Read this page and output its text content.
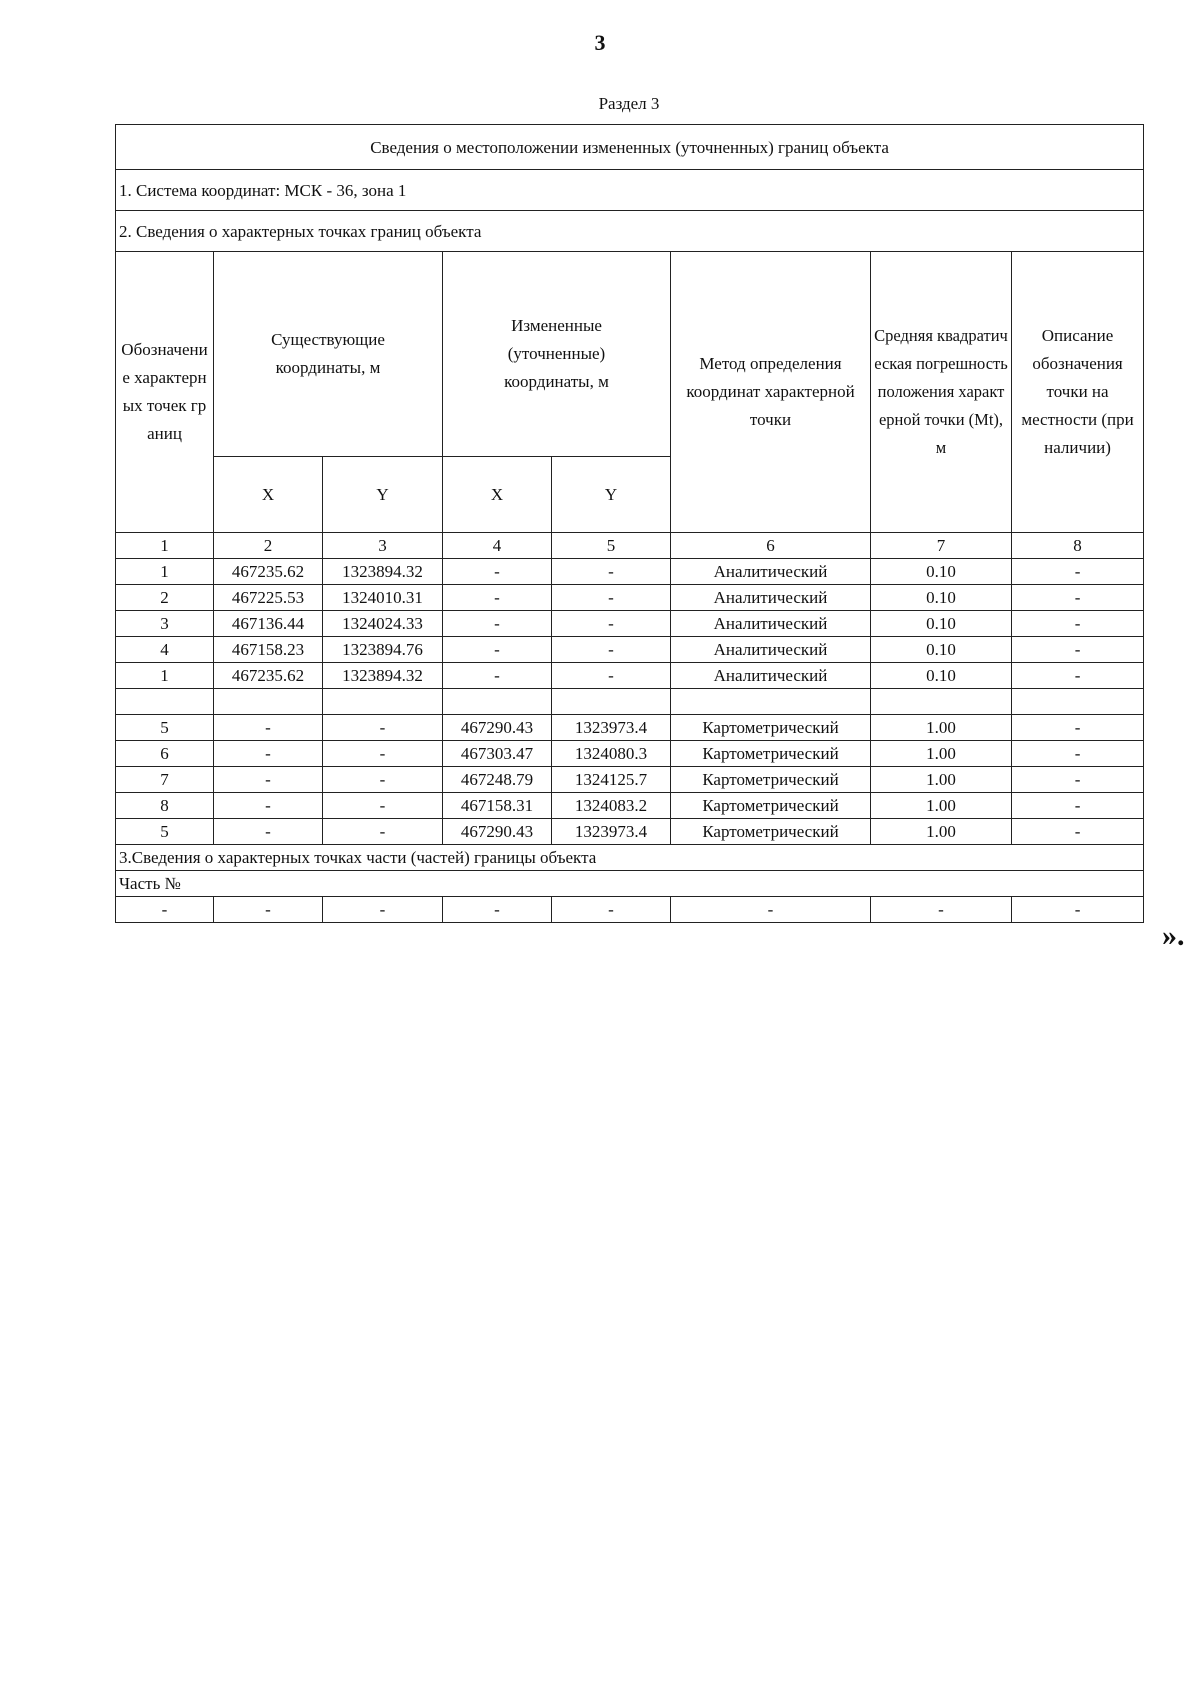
3
Раздел 3
Сведения о местоположении измененных (уточненных) границ объекта							
1. Система координат: МСК - 36, зона 1							
2. Сведения о характерных точках границ объекта							
Обозначение характерных точек границ	Существующие координаты, м		Измененные (уточненные) координаты, м		Метод определения координат характерной точки	Средняя квадратическая погрешность положения характерной точки (Mt), м	Описание обозначения точки на местности (при наличии)
	X	Y	X	Y			
1	2	3	4	5	6	7	8
1	467235.62	1323894.32	-	-	Аналитический	0.10	-
2	467225.53	1324010.31	-	-	Аналитический	0.10	-
3	467136.44	1324024.33	-	-	Аналитический	0.10	-
4	467158.23	1323894.76	-	-	Аналитический	0.10	-
1	467235.62	1323894.32	-	-	Аналитический	0.10	-

5	-	-	467290.43	1323973.4	Картометрический	1.00	-
6	-	-	467303.47	1324080.3	Картометрический	1.00	-
7	-	-	467248.79	1324125.7	Картометрический	1.00	-
8	-	-	467158.31	1324083.2	Картометрический	1.00	-
5	-	-	467290.43	1323973.4	Картометрический	1.00	-
3.Сведения о характерных точках части (частей) границы объекта							
Часть №							
-	-	-	-	-	-	-	-
».
